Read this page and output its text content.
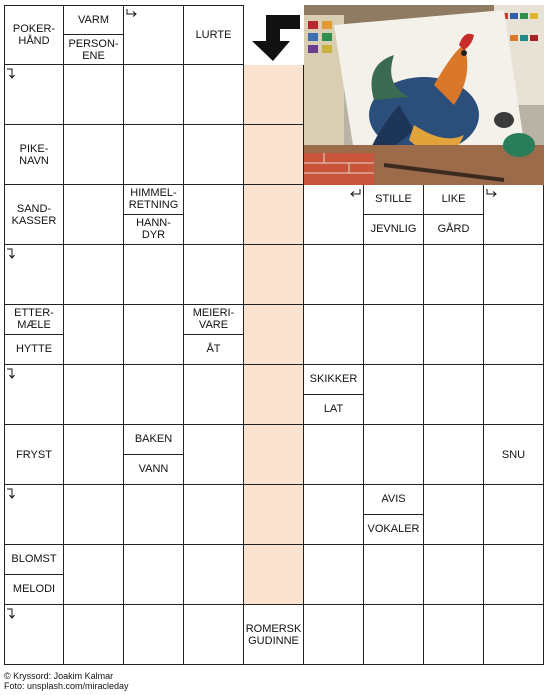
POKER-HÅND
VARM
PERSON-ENE
LURTE
PIKE-NAVN
SAND-KASSER
HIMMEL-RETNING
HANN-DYR
STILLE
JEVNLIG
LIKE
GÅRD
ETTER-MÆLE
HYTTE
MEIERI-VARE
ÅT
SKIKKER
LAT
FRYST
BAKEN
VANN
SNU
AVIS
VOKALER
BLOMST
MELODI
ROMERSK GUDINNE
© Kryssord: Joakim Kalmar
Foto: unsplash.com/miracleday
